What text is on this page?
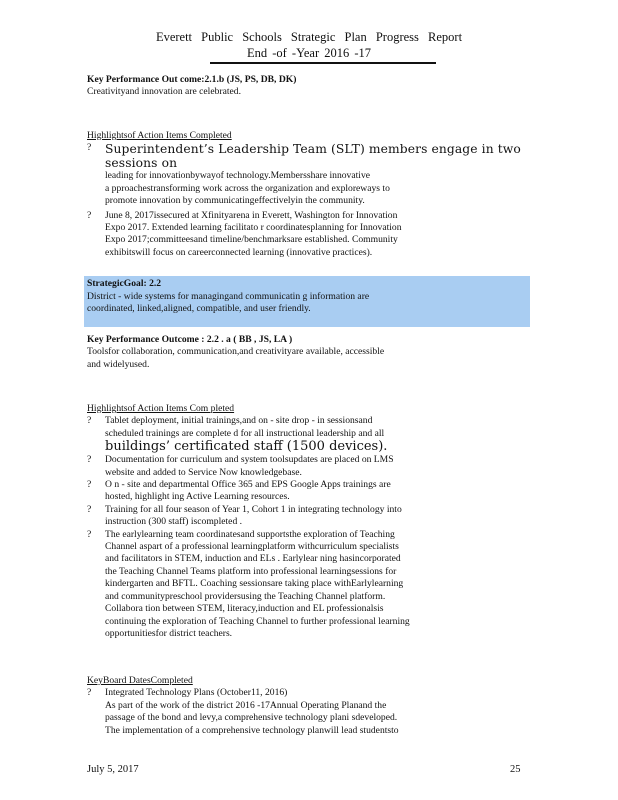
Everett Public Schools Strategic Plan Progress Report
End -of -Year 2016 -17
Key Performance Out come:2.1.b (JS, PS, DB, DK)
Creativityand innovation are celebrated.
Highlightsof Action Items Completed
? Superintendent’s Leadership Team (SLT) members engage in two sessions on
leading for innovationbywayof technology.Membersshare innovative
a pproachestransforming work across the organization and exploreways to
promote innovation by communicatingeffectivelyin the community.
? June 8, 2017issecured at Xfinityarena in Everett, Washington for Innovation
Expo 2017. Extended learning facilitato r coordinatesplanning for Innovation
Expo 2017;committeesand timeline/benchmarksare established. Community
exhibitswill focus on careerconnected learning (innovative practices).
StrategicGoal: 2.2
District - wide systems for managingand communicatin g information are
coordinated, linked,aligned, compatible, and user friendly.
Key Performance Outcome : 2.2 . a ( BB , JS, LA )
Toolsfor collaboration, communication,and creativityare available, accessible
and widelyused.
Highlightsof Action Items Com pleted
? Tablet deployment, initial trainings,and on - site drop - in sessionsand
scheduled trainings are complete d for all instructional leadership and all
buildings’ certificated staff (1500 devices).
? Documentation for curriculum and system toolsupdates are placed on LMS
website and added to Service Now knowledgebase.
? O n - site and departmental Office 365 and EPS Google Apps trainings are
hosted, highlight ing Active Learning resources.
? Training for all four season of Year 1, Cohort 1 in integrating technology into
instruction (300 staff) iscompleted .
? The earlylearning team coordinatesand supportsthe exploration of Teaching
Channel aspart of a professional learningplatform withcurriculum specialists
and facilitators in STEM, induction and ELs . Earlylear ning hasincorporated
the Teaching Channel Teams platform into professional learningsessions for
kindergarten and BFTL. Coaching sessionsare taking place withEarlylearning
and communitypreschool providersusing the Teaching Channel platform.
Collabora tion between STEM, literacy,induction and EL professionalsis
continuing the exploration of Teaching Channel to further professional learning
opportunitiesfor district teachers.
KeyBoard DatesCompleted
? Integrated Technology Plans (October11, 2016)
As part of the work of the district 2016 -17Annual Operating Planand the
passage of the bond and levy,a comprehensive technology plani sdeveloped.
The implementation of a comprehensive technology planwill lead studentsto
July 5, 2017	25
